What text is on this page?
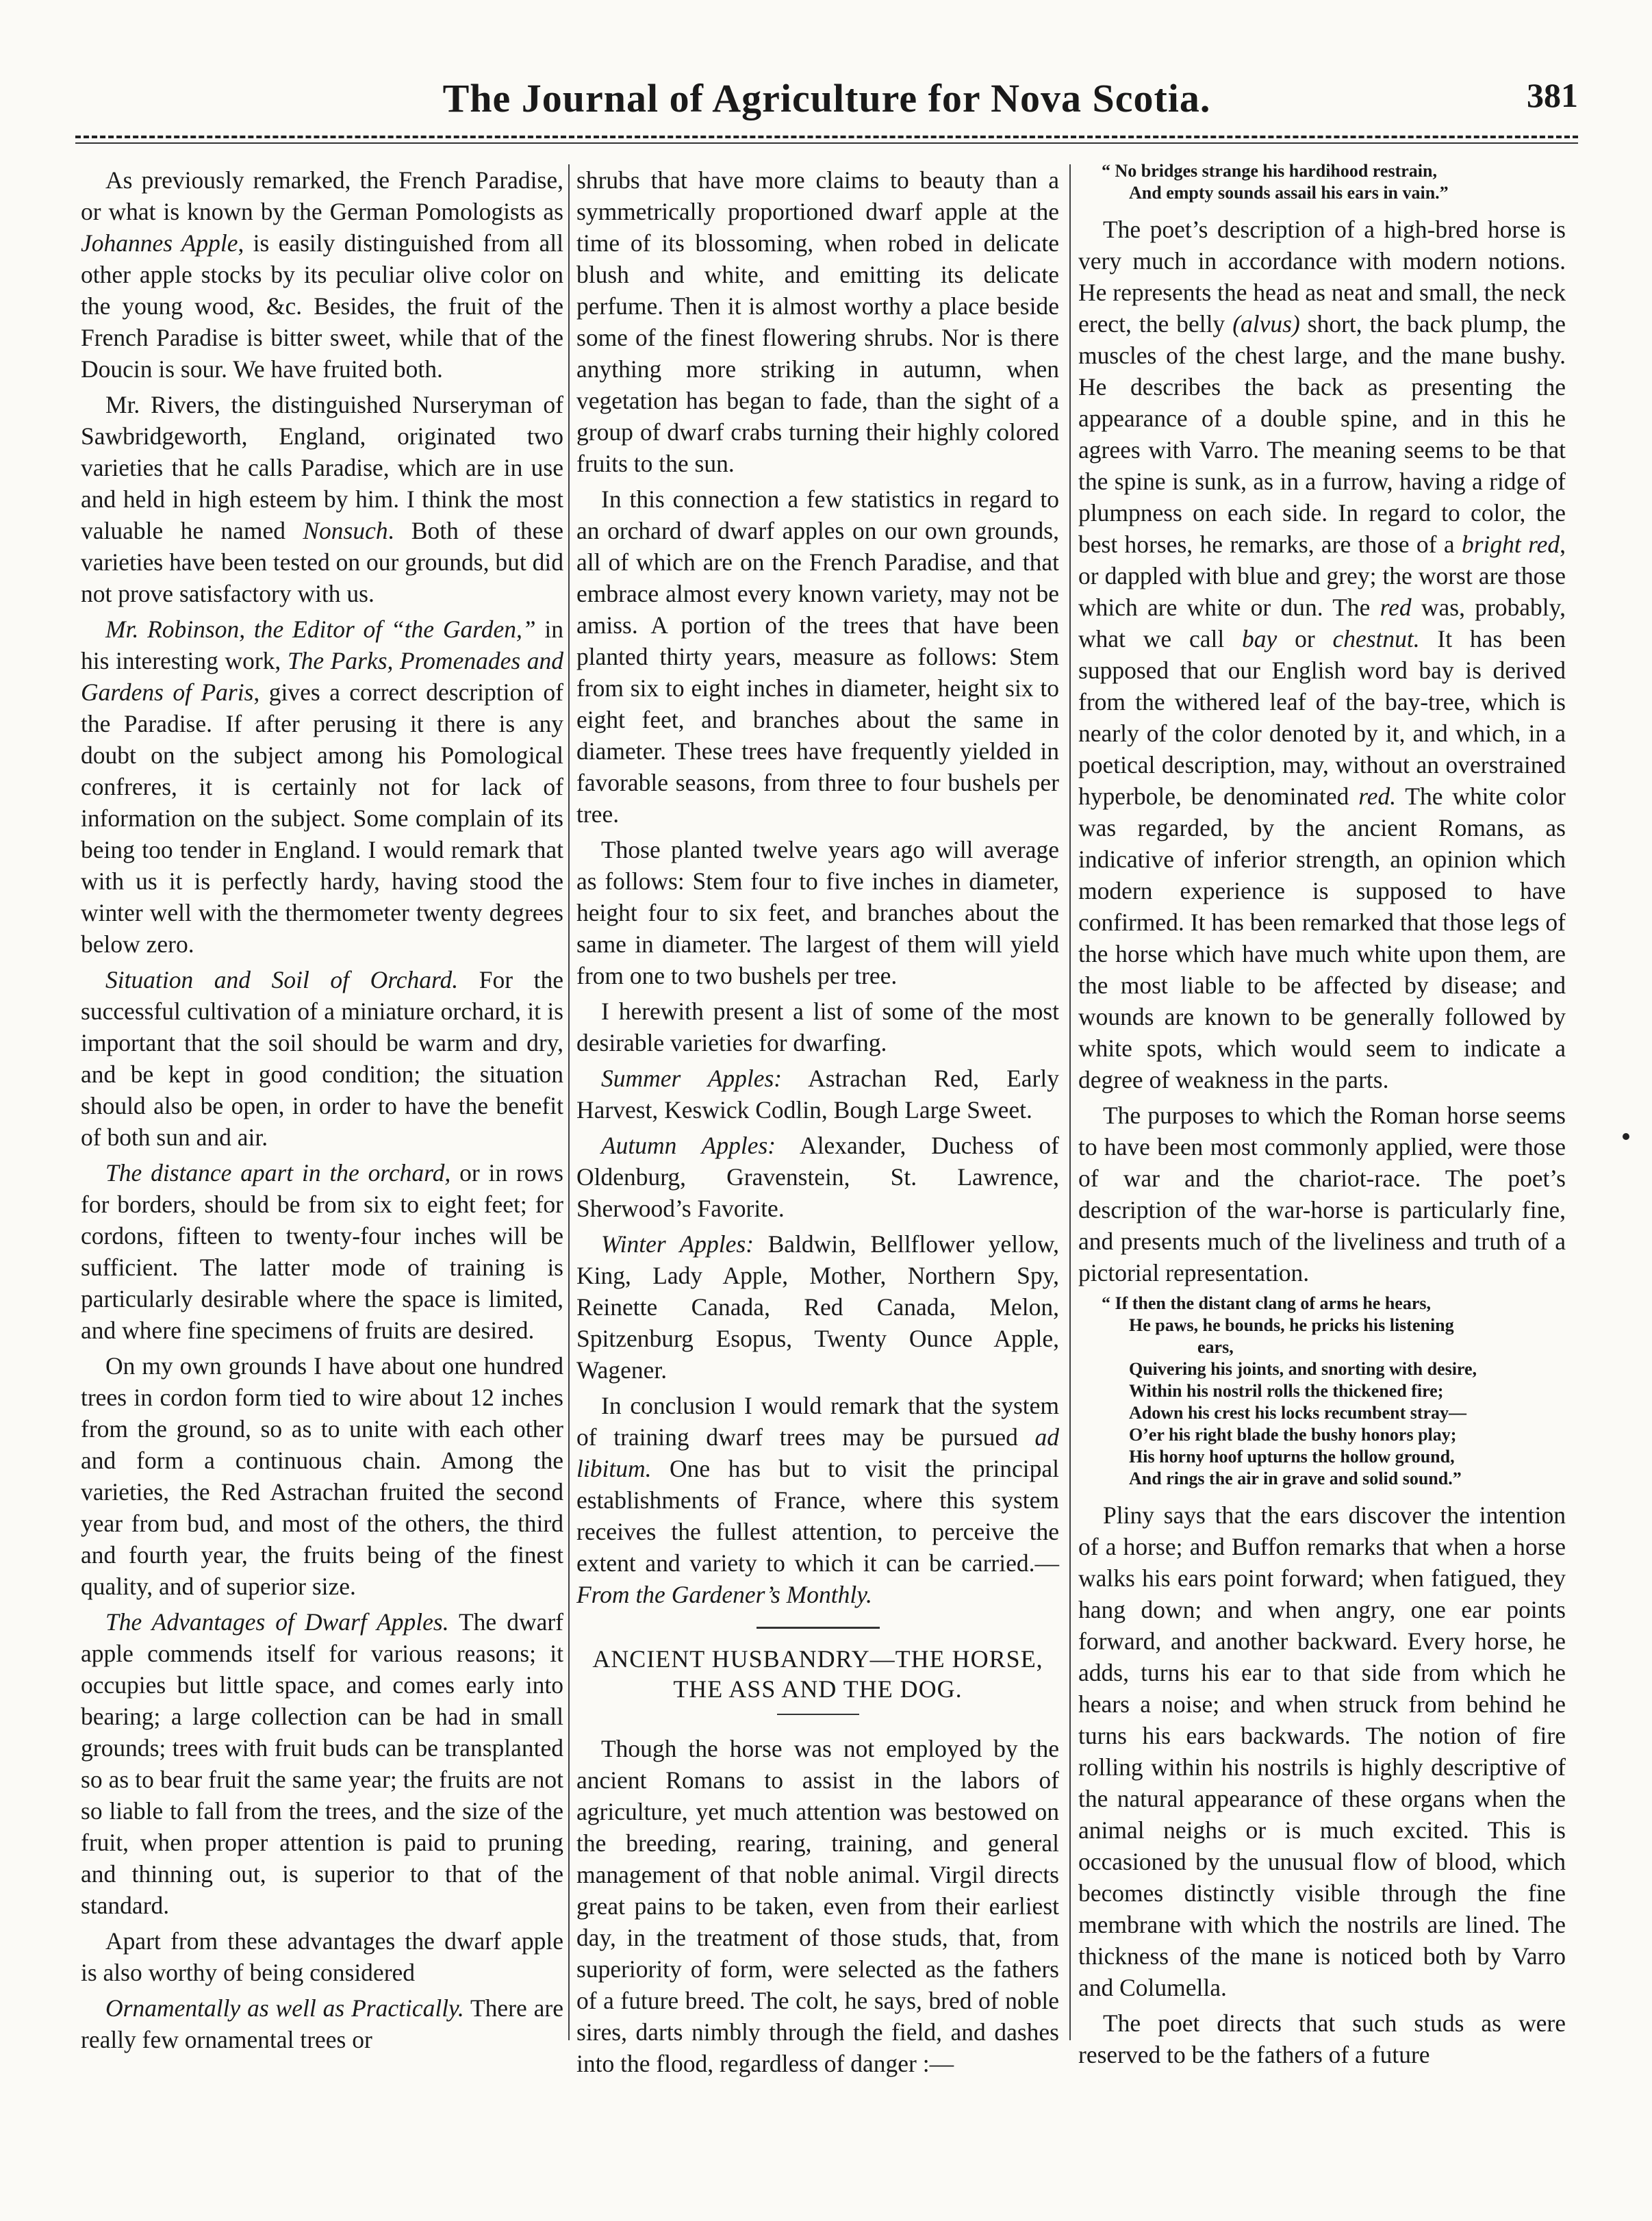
The Journal of Agriculture for Nova Scotia.	381

As previously remarked, the French Paradise, or what is known by the German Pomologists as Johannes Apple, is easily distinguished from all other apple stocks by its peculiar olive color on the young wood, &c. Besides, the fruit of the French Paradise is bitter sweet, while that of the Doucin is sour. We have fruited both.

Mr. Rivers, the distinguished Nurseryman of Sawbridgeworth, England, originated two varieties that he calls Paradise, which are in use and held in high esteem by him. I think the most valuable he named Nonsuch. Both of these varieties have been tested on our grounds, but did not prove satisfactory with us.

Mr. Robinson, the Editor of “the Garden,” in his interesting work, The Parks, Promenades and Gardens of Paris, gives a correct description of the Paradise. If after perusing it there is any doubt on the subject among his Pomological confreres, it is certainly not for lack of information on the subject. Some complain of its being too tender in England. I would remark that with us it is perfectly hardy, having stood the winter well with the thermometer twenty degrees below zero.

Situation and Soil of Orchard. For the successful cultivation of a miniature orchard, it is important that the soil should be warm and dry, and be kept in good condition; the situation should also be open, in order to have the benefit of both sun and air.

The distance apart in the orchard, or in rows for borders, should be from six to eight feet; for cordons, fifteen to twenty-four inches will be sufficient. The latter mode of training is particularly desirable where the space is limited, and where fine specimens of fruits are desired.

On my own grounds I have about one hundred trees in cordon form tied to wire about 12 inches from the ground, so as to unite with each other and form a continuous chain. Among the varieties, the Red Astrachan fruited the second year from bud, and most of the others, the third and fourth year, the fruits being of the finest quality, and of superior size.

The Advantages of Dwarf Apples. The dwarf apple commends itself for various reasons; it occupies but little space, and comes early into bearing; a large collection can be had in small grounds; trees with fruit buds can be transplanted so as to bear fruit the same year; the fruits are not so liable to fall from the trees, and the size of the fruit, when proper attention is paid to pruning and thinning out, is superior to that of the standard.

Apart from these advantages the dwarf apple is also worthy of being considered

Ornamentally as well as Practically. There are really few ornamental trees or

shrubs that have more claims to beauty than a symmetrically proportioned dwarf apple at the time of its blossoming, when robed in delicate blush and white, and emitting its delicate perfume. Then it is almost worthy a place beside some of the finest flowering shrubs. Nor is there anything more striking in autumn, when vegetation has began to fade, than the sight of a group of dwarf crabs turning their highly colored fruits to the sun.

In this connection a few statistics in regard to an orchard of dwarf apples on our own grounds, all of which are on the French Paradise, and that embrace almost every known variety, may not be amiss. A portion of the trees that have been planted thirty years, measure as follows: Stem from six to eight inches in diameter, height six to eight feet, and branches about the same in diameter. These trees have frequently yielded in favorable seasons, from three to four bushels per tree.

Those planted twelve years ago will average as follows: Stem four to five inches in diameter, height four to six feet, and branches about the same in diameter. The largest of them will yield from one to two bushels per tree.

I herewith present a list of some of the most desirable varieties for dwarfing.

Summer Apples: Astrachan Red, Early Harvest, Keswick Codlin, Bough Large Sweet.

Autumn Apples: Alexander, Duchess of Oldenburg, Gravenstein, St. Lawrence, Sherwood’s Favorite.

Winter Apples: Baldwin, Bellflower yellow, King, Lady Apple, Mother, Northern Spy, Reinette Canada, Red Canada, Melon, Spitzenburg Esopus, Twenty Ounce Apple, Wagener.

In conclusion I would remark that the system of training dwarf trees may be pursued ad libitum. One has but to visit the principal establishments of France, where this system receives the fullest attention, to perceive the extent and variety to which it can be carried.—From the Gardener’s Monthly.

ANCIENT HUSBANDRY—THE HORSE, THE ASS AND THE DOG.

Though the horse was not employed by the ancient Romans to assist in the labors of agriculture, yet much attention was bestowed on the breeding, rearing, training, and general management of that noble animal. Virgil directs great pains to be taken, even from their earliest day, in the treatment of those studs, that, from superiority of form, were selected as the fathers of a future breed. The colt, he says, bred of noble sires, darts nimbly through the field, and dashes into the flood, regardless of danger :—

“ No bridges strange his hardihood restrain,
And empty sounds assail his ears in vain.”

The poet’s description of a high-bred horse is very much in accordance with modern notions. He represents the head as neat and small, the neck erect, the belly (alvus) short, the back plump, the muscles of the chest large, and the mane bushy. He describes the back as presenting the appearance of a double spine, and in this he agrees with Varro. The meaning seems to be that the spine is sunk, as in a furrow, having a ridge of plumpness on each side. In regard to color, the best horses, he remarks, are those of a bright red, or dappled with blue and grey; the worst are those which are white or dun. The red was, probably, what we call bay or chestnut. It has been supposed that our English word bay is derived from the withered leaf of the bay-tree, which is nearly of the color denoted by it, and which, in a poetical description, may, without an overstrained hyperbole, be denominated red. The white color was regarded, by the ancient Romans, as indicative of inferior strength, an opinion which modern experience is supposed to have confirmed. It has been remarked that those legs of the horse which have much white upon them, are the most liable to be affected by disease; and wounds are known to be generally followed by white spots, which would seem to indicate a degree of weakness in the parts.

The purposes to which the Roman horse seems to have been most commonly applied, were those of war and the chariot-race. The poet’s description of the war-horse is particularly fine, and presents much of the liveliness and truth of a pictorial representation.

“ If then the distant clang of arms he hears,
He paws, he bounds, he pricks his listening
ears,
Quivering his joints, and snorting with desire,
Within his nostril rolls the thickened fire;
Adown his crest his locks recumbent stray—
O’er his right blade the bushy honors play;
His horny hoof upturns the hollow ground,
And rings the air in grave and solid sound.”

Pliny says that the ears discover the intention of a horse; and Buffon remarks that when a horse walks his ears point forward; when fatigued, they hang down; and when angry, one ear points forward, and another backward. Every horse, he adds, turns his ear to that side from which he hears a noise; and when struck from behind he turns his ears backwards. The notion of fire rolling within his nostrils is highly descriptive of the natural appearance of these organs when the animal neighs or is much excited. This is occasioned by the unusual flow of blood, which becomes distinctly visible through the fine membrane with which the nostrils are lined. The thickness of the mane is noticed both by Varro and Columella.

The poet directs that such studs as were reserved to be the fathers of a future
